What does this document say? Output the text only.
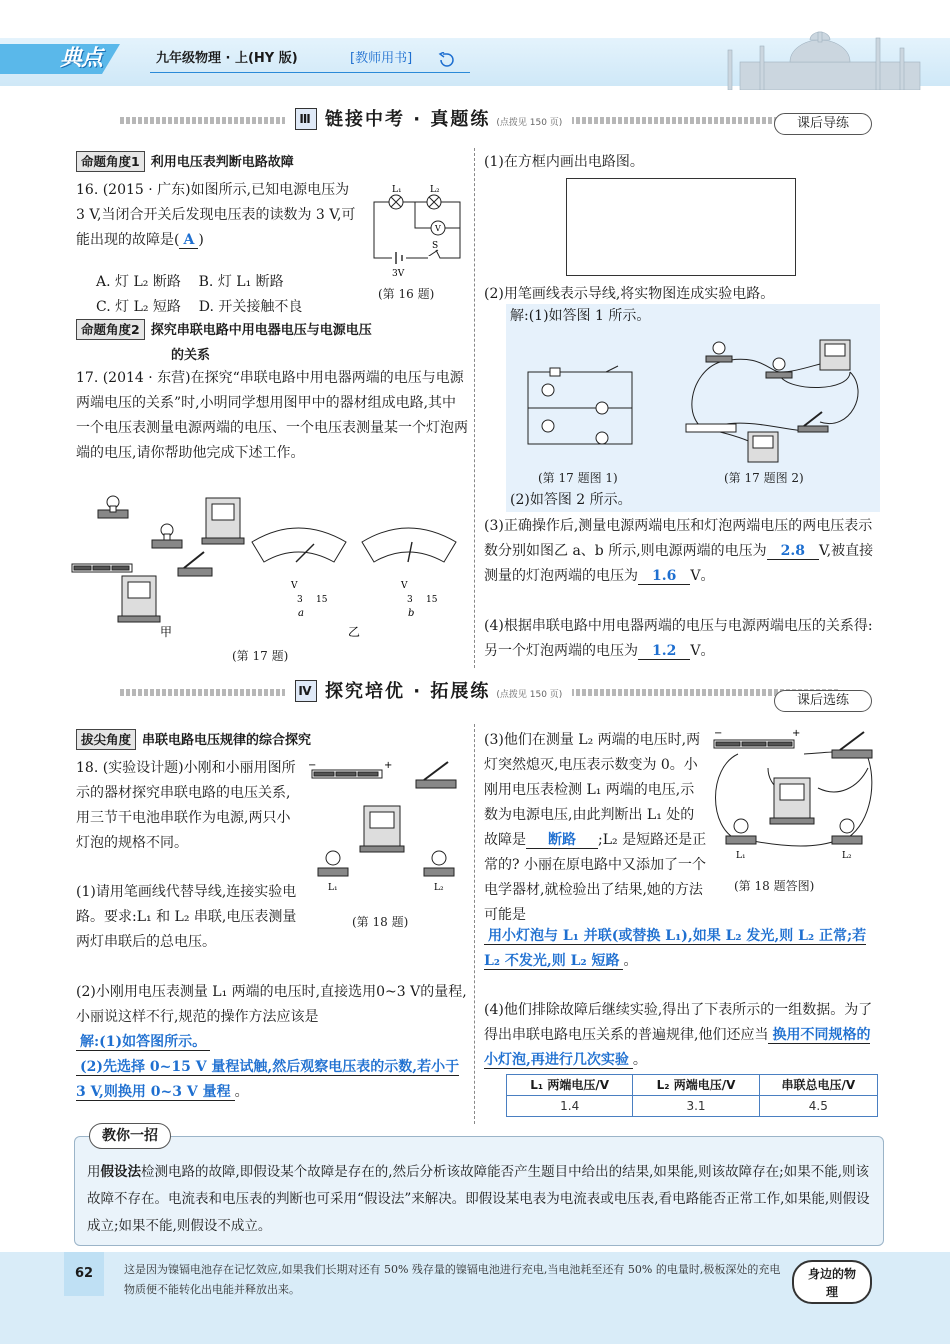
典点	九年级物理 · 上(HY 版)	[教师用书]
Ⅲ 链接中考 · 真题练 (点拨见 150 页)	课后导练
命题角度1 利用电压表判断电路故障
16. (2015 · 广东)如图所示,已知电源电压为 3 V,当闭合开关后发现电压表的读数为 3 V,可能出现的故障是( A )
A. 灯 L₂ 断路 B. 灯 L₁ 断路
C. 灯 L₂ 短路 D. 开关接触不良
L₁	L₂
V
S
3V
(第 16 题)
命题角度2 探究串联电路中用电器电压与电源电压
的关系
17. (2014 · 东营)在探究“串联电路中用电器两端的电压与电源两端电压的关系”时,小明同学想用图甲中的器材组成电路,其中一个电压表测量电源两端的电压、一个电压表测量某一个灯泡两端的电压,请你帮助他完成下述工作。
甲
V
3 15
a
V
3 15
b
乙
(第 17 题)
(1)在方框内画出电路图。
(2)用笔画线表示导线,将实物图连成实验电路。
解:(1)如答图 1 所示。
(第 17 题图 1)	(第 17 题图 2)
(2)如答图 2 所示。
(3)正确操作后,测量电源两端电压和灯泡两端电压的两电压表示数分别如图乙 a、b 所示,则电源两端的电压为 2.8 V,被直接测量的灯泡两端的电压为 1.6 V。
(4)根据串联电路中用电器两端的电压与电源两端电压的关系得:另一个灯泡两端的电压为 1.2 V。
Ⅳ 探究培优 · 拓展练 (点拨见 150 页)	课后选练
拔尖角度 串联电路电压规律的综合探究
18. (实验设计题)小刚和小丽用图所示的器材探究串联电路的电压关系,用三节干电池串联作为电源,两只小灯泡的规格不同。
−	+
L₁	L₂
(1)请用笔画线代替导线,连接实验电路。要求:L₁ 和 L₂ 串联,电压表测量两灯串联后的总电压。
(第 18 题)
(2)小刚用电压表测量 L₁ 两端的电压时,直接选用0~3 V的量程,小丽说这样不行,规范的操作方法应该是
解:(1)如答图所示。
(2)先选择 0~15 V 量程试触,然后观察电压表的示数,若小于3 V,则换用 0~3 V 量程 。
(3)他们在测量 L₂ 两端的电压时,两灯突然熄灭,电压表示数变为 0。小刚用电压表检测 L₁ 两端的电压,示数为电源电压,由此判断出 L₁ 处的故障是 断路 ;L₂ 是短路还是正常的? 小丽在原电路中又添加了一个电学器材,就检验出了结果,她的方法可能是
用小灯泡与 L₁ 并联(或替换 L₁),如果 L₂ 发光,则 L₂ 正常;若 L₂ 不发光,则 L₂ 短路 。
−	+
L₁	L₂
(第 18 题答图)
(4)他们排除故障后继续实验,得出了下表所示的一组数据。为了得出串联电路电压关系的普遍规律,他们还应当 换用不同规格的小灯泡,再进行几次实验 。
L₁ 两端电压/V	L₂ 两端电压/V	串联总电压/V
1.4	3.1	4.5
教你一招
用假设法检测电路的故障,即假设某个故障是存在的,然后分析该故障能否产生题目中给出的结果,如果能,则该故障存在;如果不能,则该故障不存在。电流表和电压表的判断也可采用“假设法”来解决。即假设某电表为电流表或电压表,看电路能否正常工作,如果能,则假设成立;如果不能,则假设不成立。
62	这是因为镍镉电池存在记忆效应,如果我们长期对还有 50% 残存量的镍镉电池进行充电,当电池耗至还有 50% 的电量时,极板深处的充电物质便不能转化出电能并释放出来。
身边的物理
